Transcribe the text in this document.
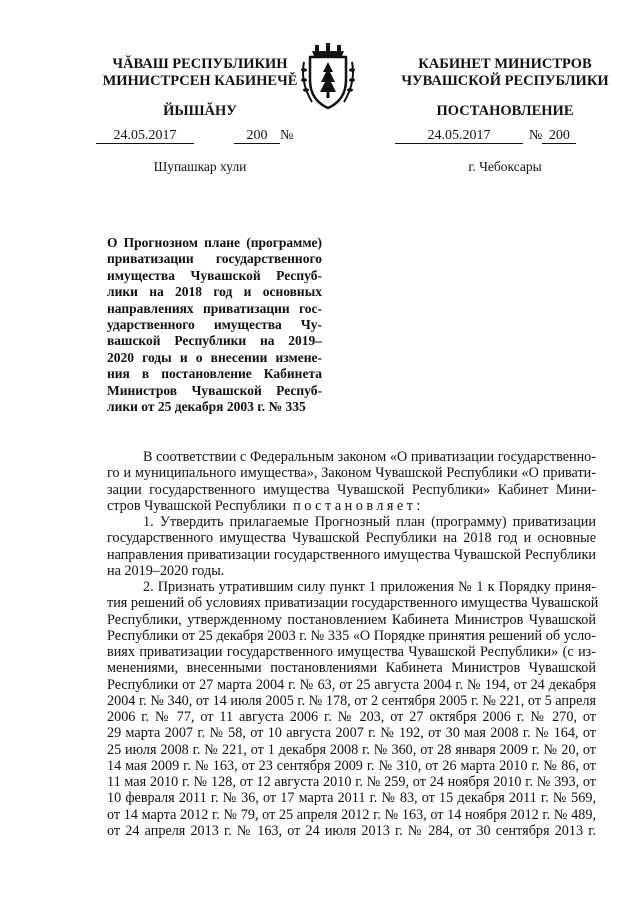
ЧĂВАШ РЕСПУБЛИКИН
МИНИСТРСЕН КАБИНЕЧĚ
ЙЫШĂНУ
КАБИНЕТ МИНИСТРОВ
ЧУВАШСКОЙ РЕСПУБЛИКИ
ПОСТАНОВЛЕНИЕ
24.05.2017	200 №	24.05.2017	№ 200
Шупашкар хули	г. Чебоксары

О Прогнозном плане (программе)

приватизации государственного

имущества Чувашской Респуб-

лики на 2018 год и основных

направлениях приватизации гос-

ударственного имущества Чу-

вашской Республики на 2019–

2020 годы и о внесении измене-

ния в постановление Кабинета

Министров Чувашской Респуб-

лики от 25 декабря 2003 г. № 335

В соответствии с Федеральным законом «О приватизации государственно-

го и муниципального имущества», Законом Чувашской Республики «О привати-

зации государственного имущества Чувашской Республики» Кабинет Мини-

стров Чувашской Республики постановляет:

1. Утвердить прилагаемые Прогнозный план (программу) приватизации

государственного имущества Чувашской Республики на 2018 год и основные

направления приватизации государственного имущества Чувашской Республики

на 2019–2020 годы.

2. Признать утратившим силу пункт 1 приложения № 1 к Порядку приня-

тия решений об условиях приватизации государственного имущества Чувашской

Республики, утвержденному постановлением Кабинета Министров Чувашской

Республики от 25 декабря 2003 г. № 335 «О Порядке принятия решений об усло-

виях приватизации государственного имущества Чувашской Республики» (с из-

менениями, внесенными постановлениями Кабинета Министров Чувашской

Республики от 27 марта 2004 г. № 63, от 25 августа 2004 г. № 194, от 24 декабря

2004 г. № 340, от 14 июля 2005 г. № 178, от 2 сентября 2005 г. № 221, от 5 апреля

2006 г. № 77, от 11 августа 2006 г. № 203, от 27 октября 2006 г. № 270, от

29 марта 2007 г. № 58, от 10 августа 2007 г. № 192, от 30 мая 2008 г. № 164, от

25 июля 2008 г. № 221, от 1 декабря 2008 г. № 360, от 28 января 2009 г. № 20, от

14 мая 2009 г. № 163, от 23 сентября 2009 г. № 310, от 26 марта 2010 г. № 86, от

11 мая 2010 г. № 128, от 12 августа 2010 г. № 259, от 24 ноября 2010 г. № 393, от

10 февраля 2011 г. № 36, от 17 марта 2011 г. № 83, от 15 декабря 2011 г. № 569,

от 14 марта 2012 г. № 79, от 25 апреля 2012 г. № 163, от 14 ноября 2012 г. № 489,

от 24 апреля 2013 г. № 163, от 24 июля 2013 г. № 284, от 30 сентября 2013 г.
